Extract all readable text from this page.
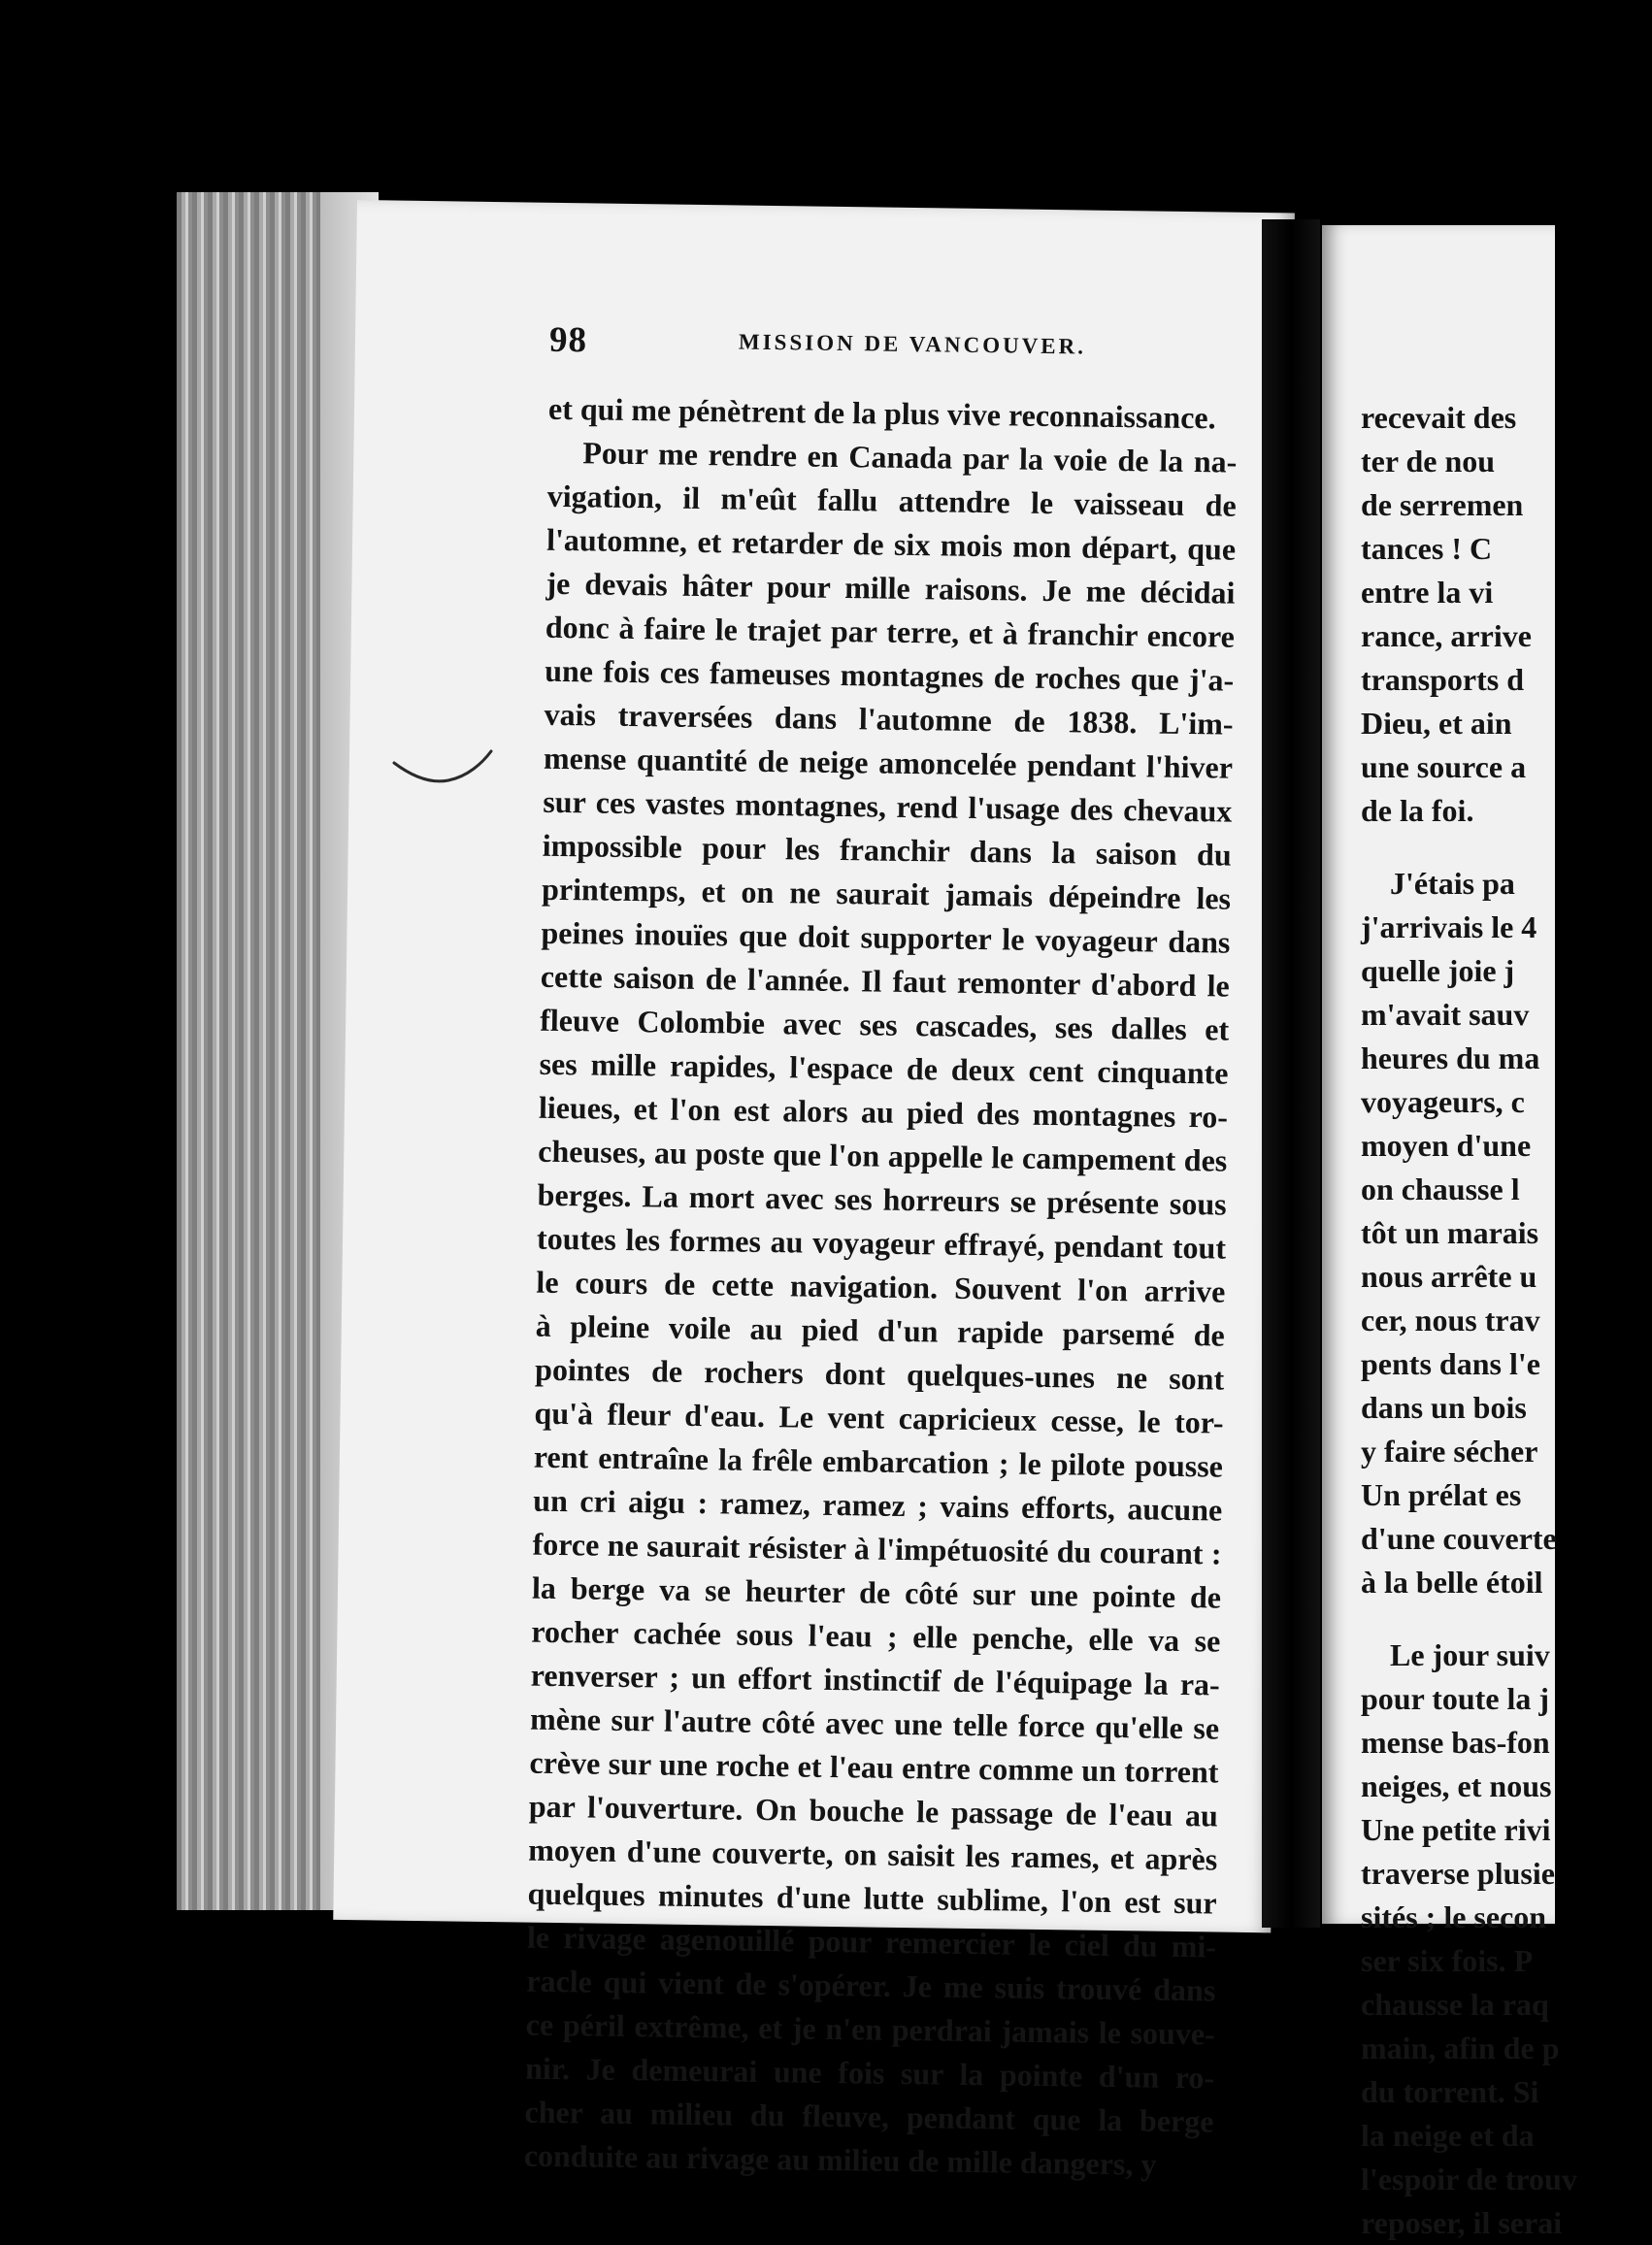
98	MISSION DE VANCOUVER.
et qui me pénètrent de la plus vive reconnaissance.
Pour me rendre en Canada par la voie de la na-
vigation, il m'eût fallu attendre le vaisseau de
l'automne, et retarder de six mois mon départ, que
je devais hâter pour mille raisons. Je me décidai
donc à faire le trajet par terre, et à franchir encore
une fois ces fameuses montagnes de roches que j'a-
vais traversées dans l'automne de 1838. L'im-
mense quantité de neige amoncelée pendant l'hiver
sur ces vastes montagnes, rend l'usage des chevaux
impossible pour les franchir dans la saison du
printemps, et on ne saurait jamais dépeindre les
peines inouïes que doit supporter le voyageur dans
cette saison de l'année. Il faut remonter d'abord le
fleuve Colombie avec ses cascades, ses dalles et
ses mille rapides, l'espace de deux cent cinquante
lieues, et l'on est alors au pied des montagnes ro-
cheuses, au poste que l'on appelle le campement des
berges. La mort avec ses horreurs se présente sous
toutes les formes au voyageur effrayé, pendant tout
le cours de cette navigation. Souvent l'on arrive
à pleine voile au pied d'un rapide parsemé de
pointes de rochers dont quelques-unes ne sont
qu'à fleur d'eau. Le vent capricieux cesse, le tor-
rent entraîne la frêle embarcation ; le pilote pousse
un cri aigu : ramez, ramez ; vains efforts, aucune
force ne saurait résister à l'impétuosité du courant :
la berge va se heurter de côté sur une pointe de
rocher cachée sous l'eau ; elle penche, elle va se
renverser ; un effort instinctif de l'équipage la ra-
mène sur l'autre côté avec une telle force qu'elle se
crève sur une roche et l'eau entre comme un torrent
par l'ouverture. On bouche le passage de l'eau au
moyen d'une couverte, on saisit les rames, et après
quelques minutes d'une lutte sublime, l'on est sur
le rivage agenouillé pour remercier le ciel du mi-
racle qui vient de s'opérer. Je me suis trouvé dans
ce péril extrême, et je n'en perdrai jamais le souve-
nir. Je demeurai une fois sur la pointe d'un ro-
cher au milieu du fleuve, pendant que la berge
conduite au rivage au milieu de mille dangers, y
recevait des
ter de nou
de serremen
tances ! C
entre la vi
rance, arrive
transports d
Dieu, et ain
une source a
de la foi.
J'étais pa
j'arrivais le 4
quelle joie j
m'avait sauv
heures du ma
voyageurs, c
moyen d'une
on chausse l
tôt un marais
nous arrête u
cer, nous trav
pents dans l'e
dans un bois
y faire sécher
Un prélat es
d'une couverte
à la belle étoil
Le jour suiv
pour toute la j
mense bas-fon
neiges, et nous
Une petite rivi
traverse plusie
sités ; le secon
ser six fois. P
chausse la raq
main, afin de p
du torrent. Si
la neige et da
l'espoir de trouv
reposer, il serai
